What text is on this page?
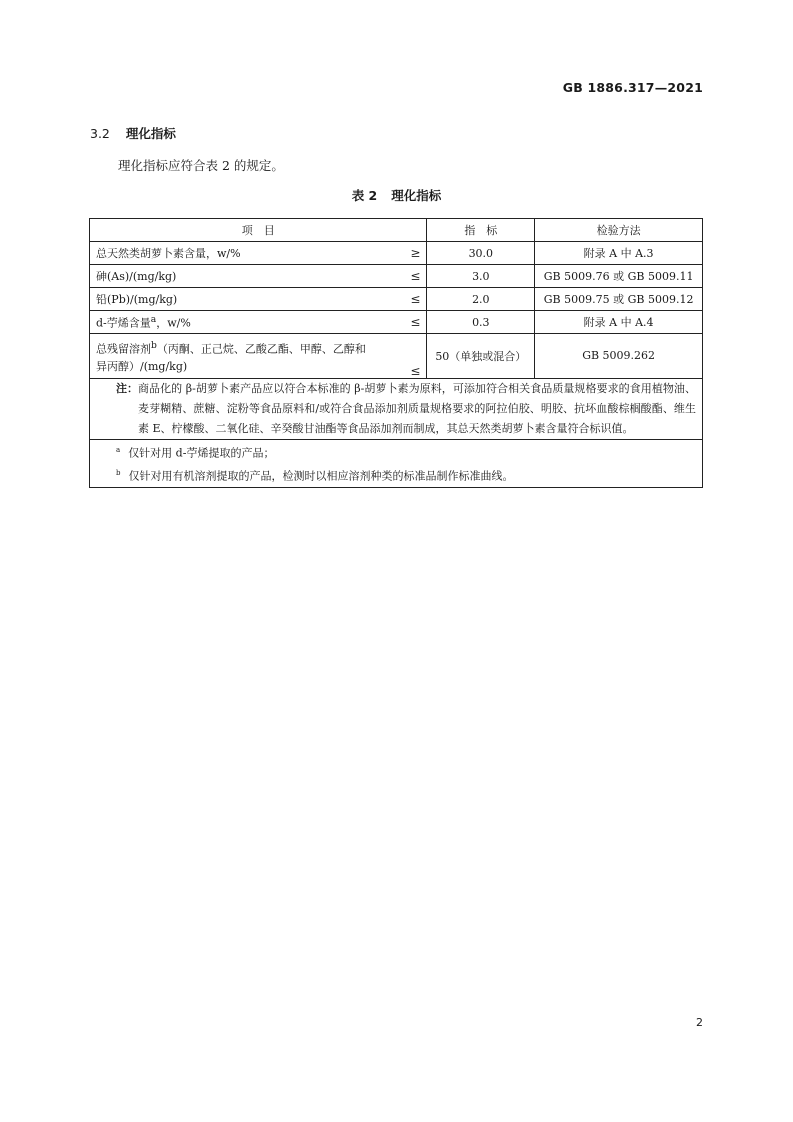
GB 1886.317—2021
3.2 理化指标
理化指标应符合表 2 的规定。
表 2 理化指标
项　目	指　标	检验方法

总天然类胡萝卜素含量，w/% ≥	30.0	附录 A 中 A.3

砷(As)/(mg/kg) ≤	3.0	GB 5009.76 或 GB 5009.11

铅(Pb)/(mg/kg) ≤	2.0	GB 5009.75 或 GB 5009.12

d-苧烯含量$^a$，w/% ≤	0.3	附录 A 中 A.4

总残留溶剂$^b$（丙酮、正己烷、乙酸乙酯、甲醇、乙醇和
异丙醇）/(mg/kg) ≤	50（单独或混合）	GB 5009.262

注： 商品化的 β-胡萝卜素产品应以符合本标准的 β-胡萝卜素为原料，可添加符合相关食品质量规格要求的食用植物油、麦芽糊精、蔗糖、淀粉等食品原料和/或符合食品添加剂质量规格要求的阿拉伯胶、明胶、抗坏血酸棕榈酸酯、维生素 E、柠檬酸、二氧化硅、辛癸酸甘油酯等食品添加剂而制成，其总天然类胡萝卜素含量符合标识值。		

$^a$ 仅针对用 d-苧烯提取的产品；
$^b$ 仅针对用有机溶剂提取的产品，检测时以相应溶剂种类的标准品制作标准曲线。		
2
